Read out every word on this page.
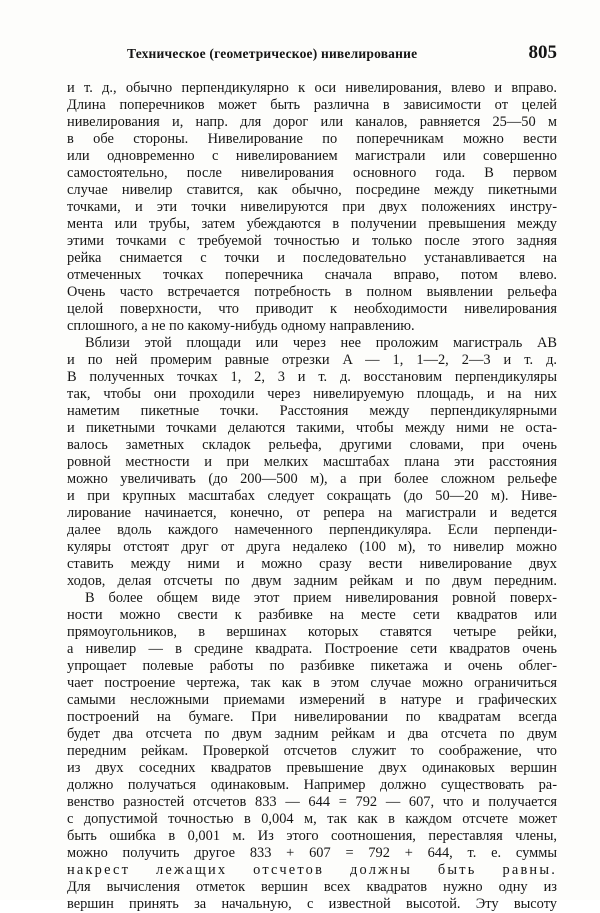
Техническое (геометрическое) нивелирование	805
и т. д., обычно перпендикулярно к оси нивелирования, влево и вправо.
Длина поперечников может быть различна в зависимости от целей
нивелирования и, напр. для дорог или каналов, равняется 25—50 м
в обе стороны. Нивелирование по поперечникам можно вести
или одновременно с нивелированием магистрали или совершенно
самостоятельно, после нивелирования основного года. В первом
случае нивелир ставится, как обычно, посредине между пикетными
точками, и эти точки нивелируются при двух положениях инстру-
мента или трубы, затем убеждаются в получении превышения между
этими точками с требуемой точностью и только после этого задняя
рейка снимается с точки и последовательно устанавливается на
отмеченных точках поперечника сначала вправо, потом влево.
Очень часто встречается потребность в полном выявлении рельефа
целой поверхности, что приводит к необходимости нивелирования
сплошного, а не по какому-нибудь одному направлению.
Вблизи этой площади или через нее проложим магистраль AB
и по ней промерим равные отрезки A — 1, 1—2, 2—3 и т. д.
В полученных точках 1, 2, 3 и т. д. восстановим перпендикуляры
так, чтобы они проходили через нивелируемую площадь, и на них
наметим пикетные точки. Расстояния между перпендикулярными
и пикетными точками делаются такими, чтобы между ними не оста-
валось заметных складок рельефа, другими словами, при очень
ровной местности и при мелких масштабах плана эти расстояния
можно увеличивать (до 200—500 м), а при более сложном рельефе
и при крупных масштабах следует сокращать (до 50—20 м). Ниве-
лирование начинается, конечно, от репера на магистрали и ведется
далее вдоль каждого намеченного перпендикуляра. Если перпенди-
куляры отстоят друг от друга недалеко (100 м), то нивелир можно
ставить между ними и можно сразу вести нивелирование двух
ходов, делая отсчеты по двум задним рейкам и по двум передним.
В более общем виде этот прием нивелирования ровной поверх-
ности можно свести к разбивке на месте сети квадратов или
прямоугольников, в вершинах которых ставятся четыре рейки,
а нивелир — в средине квадрата. Построение сети квадратов очень
упрощает полевые работы по разбивке пикетажа и очень облег-
чает построение чертежа, так как в этом случае можно ограничиться
самыми несложными приемами измерений в натуре и графических
построений на бумаге. При нивелировании по квадратам всегда
будет два отсчета по двум задним рейкам и два отсчета по двум
передним рейкам. Проверкой отсчетов служит то соображение, что
из двух соседних квадратов превышение двух одинаковых вершин
должно получаться одинаковым. Например должно существовать ра-
венство разностей отсчетов 833 — 644 = 792 — 607, что и получается
с допустимой точностью в 0,004 м, так как в каждом отсчете может
быть ошибка в 0,001 м. Из этого соотношения, переставляя члены,
можно получить другое 833 + 607 = 792 + 644, т. е. суммы
накрест лежащих отсчетов должны быть равны.
Для вычисления отметок вершин всех квадратов нужно одну из
вершин принять за начальную, с известной высотой. Эту высоту
